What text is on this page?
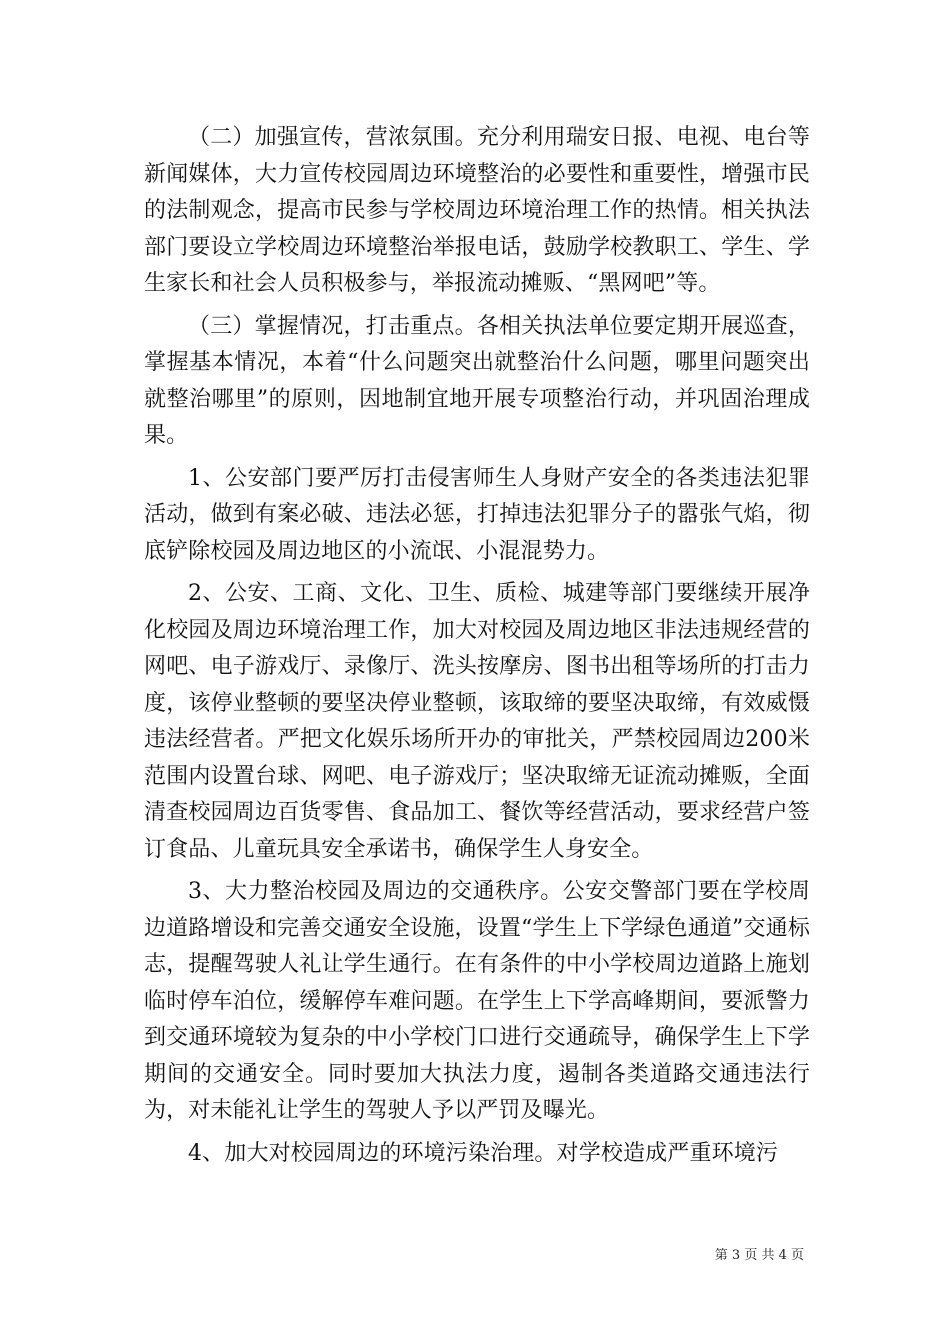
（二）加强宣传，营浓氛围。充分利用瑞安日报、电视、电台等新闻媒体，大力宣传校园周边环境整治的必要性和重要性，增强市民的法制观念，提高市民参与学校周边环境治理工作的热情。相关执法部门要设立学校周边环境整治举报电话，鼓励学校教职工、学生、学生家长和社会人员积极参与，举报流动摊贩、“黑网吧”等。

（三）掌握情况，打击重点。各相关执法单位要定期开展巡查，掌握基本情况，本着“什么问题突出就整治什么问题，哪里问题突出就整治哪里”的原则，因地制宜地开展专项整治行动，并巩固治理成果。

1、公安部门要严厉打击侵害师生人身财产安全的各类违法犯罪活动，做到有案必破、违法必惩，打掉违法犯罪分子的嚣张气焰，彻底铲除校园及周边地区的小流氓、小混混势力。

2、公安、工商、文化、卫生、质检、城建等部门要继续开展净化校园及周边环境治理工作，加大对校园及周边地区非法违规经营的网吧、电子游戏厅、录像厅、洗头按摩房、图书出租等场所的打击力度，该停业整顿的要坚决停业整顿，该取缔的要坚决取缔，有效威慑违法经营者。严把文化娱乐场所开办的审批关，严禁校园周边200米范围内设置台球、网吧、电子游戏厅；坚决取缔无证流动摊贩，全面清查校园周边百货零售、食品加工、餐饮等经营活动，要求经营户签订食品、儿童玩具安全承诺书，确保学生人身安全。

3、大力整治校园及周边的交通秩序。公安交警部门要在学校周边道路增设和完善交通安全设施，设置“学生上下学绿色通道”交通标志，提醒驾驶人礼让学生通行。在有条件的中小学校周边道路上施划临时停车泊位，缓解停车难问题。在学生上下学高峰期间，要派警力到交通环境较为复杂的中小学校门口进行交通疏导，确保学生上下学期间的交通安全。同时要加大执法力度，遏制各类道路交通违法行为，对未能礼让学生的驾驶人予以严罚及曝光。

4、加大对校园周边的环境污染治理。对学校造成严重环境污

第 3 页 共 4 页
